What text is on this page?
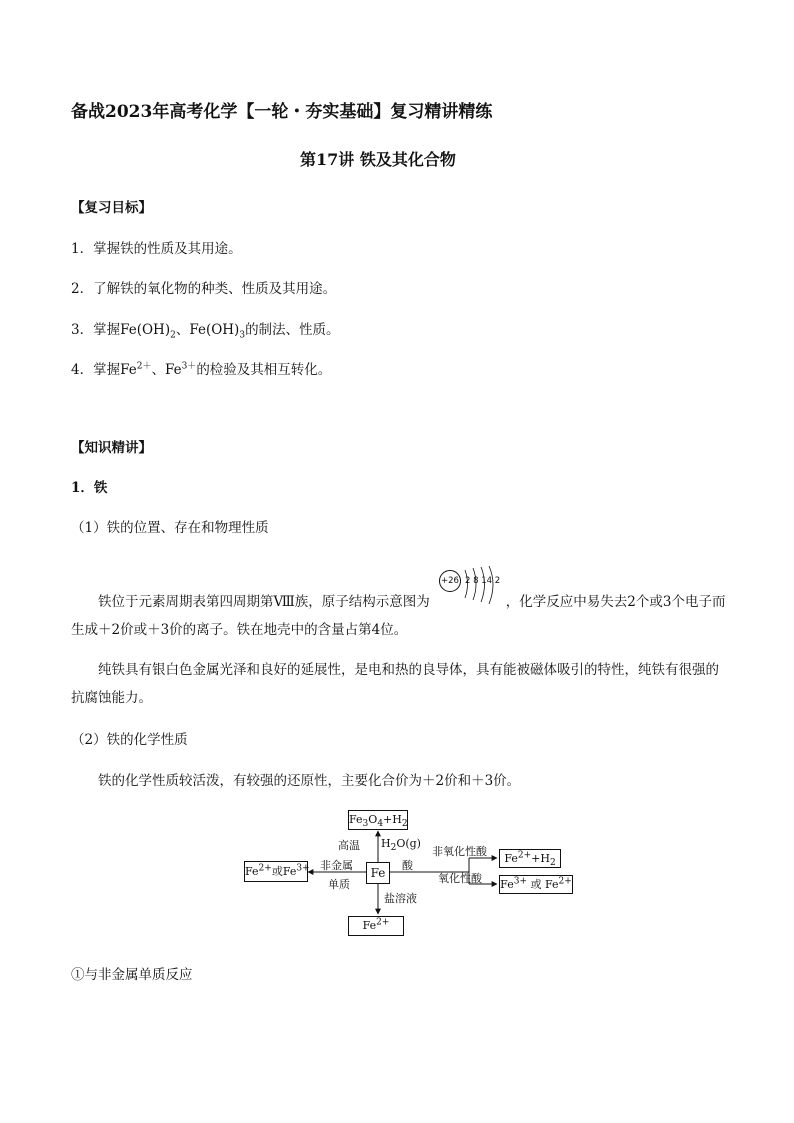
备战2023年高考化学【一轮・夯实基础】复习精讲精练
第17讲 铁及其化合物
【复习目标】
1．掌握铁的性质及其用途。
2．了解铁的氧化物的种类、性质及其用途。
3．掌握$Fe(OH)_2$、$Fe(OH)_3$的制法、性质。
4．掌握$Fe^{2+}$、$Fe^{3+}$的检验及其相互转化。
【知识精讲】
1．铁
（1）铁的位置、存在和物理性质
铁位于元素周期表第四周期第Ⅷ族，原子结构示意图为	，化学反应中易失去2个或3个电子而生成＋2价或＋3价的离子。铁在地壳中的含量占第4位。
+26 2 8 14 2
纯铁具有银白色金属光泽和良好的延展性，是电和热的良导体，具有能被磁体吸引的特性，纯铁有很强的抗腐蚀能力。
（2）铁的化学性质
铁的化学性质较活泼，有较强的还原性，主要化合价为＋2价和＋3价。
$Fe_3O_4+H_2$
高温 $H_2O(g)$
Fe
$Fe^{2+}$或$Fe^{3+}$ 非金属
单质
酸
非氧化性酸
氧化性酸
$Fe^{2+}+H_2$
$Fe^{3+}$ 或 $Fe^{2+}$
盐溶液
$Fe^{2+}$
①与非金属单质反应
